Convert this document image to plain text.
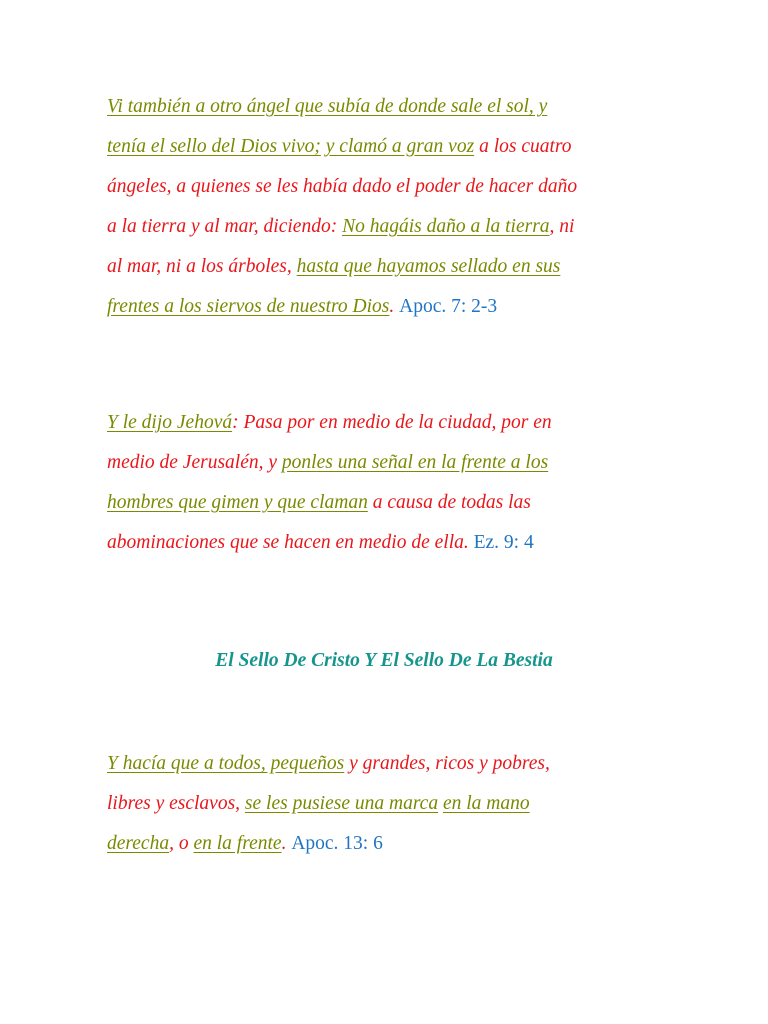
Vi también a otro ángel que subía de donde sale el sol, y
tenía el sello del Dios vivo; y clamó a gran voz a los cuatro
ángeles, a quienes se les había dado el poder de hacer daño
a la tierra y al mar, diciendo: No hagáis daño a la tierra, ni
al mar, ni a los árboles, hasta que hayamos sellado en sus
frentes a los siervos de nuestro Dios. Apoc. 7: 2-3
Y le dijo Jehová: Pasa por en medio de la ciudad, por en
medio de Jerusalén, y ponles una señal en la frente a los
hombres que gimen y que claman a causa de todas las
abominaciones que se hacen en medio de ella. Ez. 9: 4
El Sello De Cristo Y El Sello De La Bestia
Y hacía que a todos, pequeños y grandes, ricos y pobres,
libres y esclavos, se les pusiese una marca en la mano
derecha, o en la frente. Apoc. 13: 6
